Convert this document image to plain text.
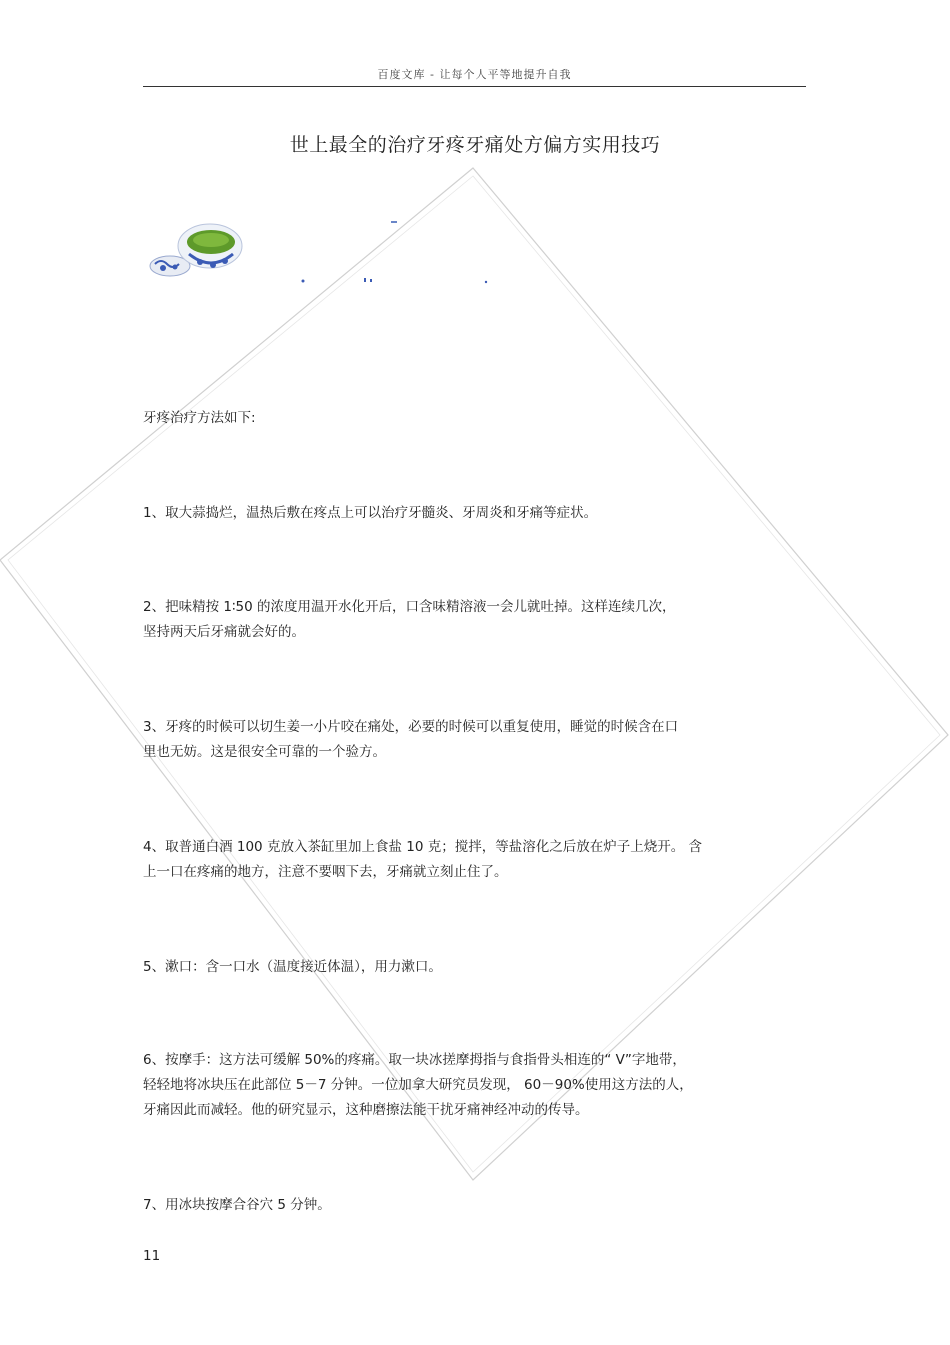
百度文库 - 让每个人平等地提升自我
世上最全的治疗牙疼牙痛处方偏方实用技巧
牙疼治疗方法如下:
1、取大蒜捣烂，温热后敷在疼点上可以治疗牙髓炎、牙周炎和牙痛等症状。
2、把味精按 1∶50 的浓度用温开水化开后，口含味精溶液一会儿就吐掉。这样连续几次，
坚持两天后牙痛就会好的。
3、牙疼的时候可以切生姜一小片咬在痛处，必要的时候可以重复使用，睡觉的时候含在口
里也无妨。这是很安全可靠的一个验方。
4、取普通白酒 100 克放入茶缸里加上食盐 10 克；搅拌，等盐溶化之后放在炉子上烧开。 含
上一口在疼痛的地方，注意不要咽下去，牙痛就立刻止住了。
5、漱口：含一口水（温度接近体温），用力漱口。
6、按摩手：这方法可缓解 50%的疼痛。取一块冰搓摩拇指与食指骨头相连的“ V”字地带，
轻轻地将冰块压在此部位 5－7 分钟。一位加拿大研究员发现， 60－90%使用这方法的人，
牙痛因此而减轻。他的研究显示，这种磨擦法能干扰牙痛神经冲动的传导。
7、用冰块按摩合谷穴 5 分钟。
11
